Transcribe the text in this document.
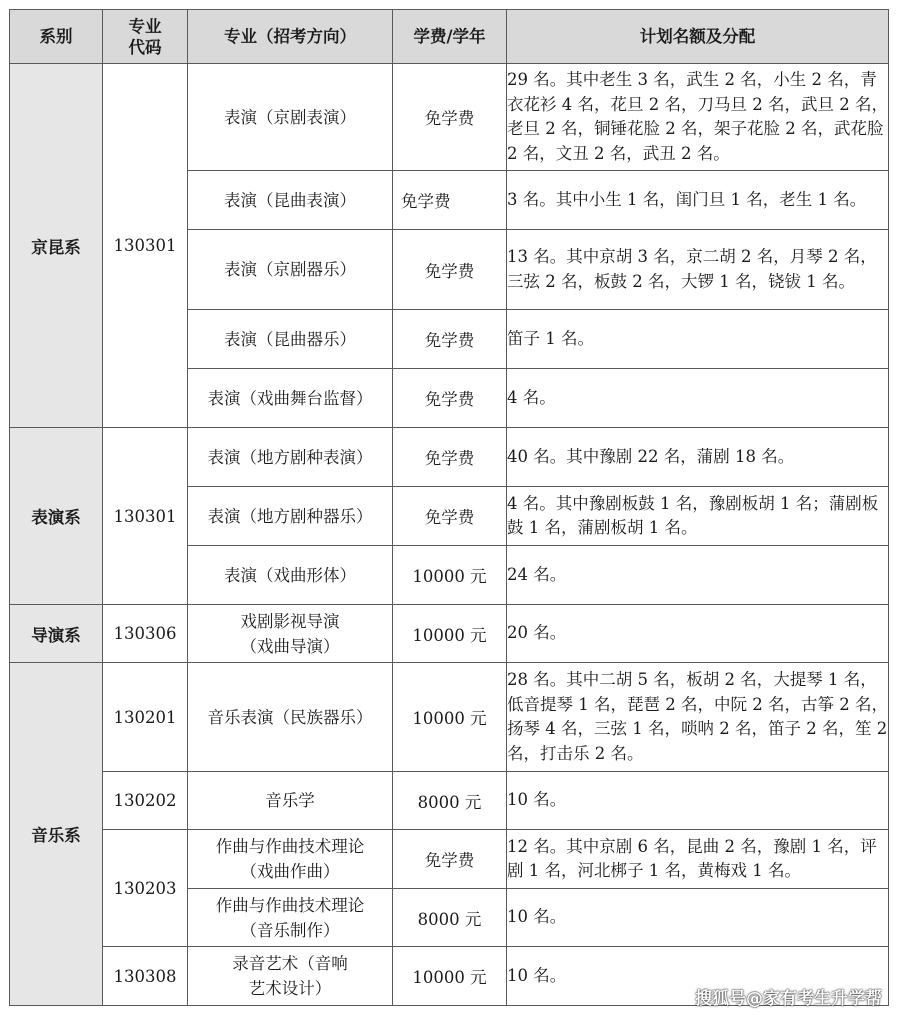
系别	专业代码	专业（招考方向）	学费/学年	计划名额及分配
京昆系	130301	表演（京剧表演）	免学费	29 名。其中老生 3 名，武生 2 名，小生 2 名，青衣花衫 4 名，花旦 2 名，刀马旦 2 名，武旦 2 名，老旦 2 名，铜锤花脸 2 名，架子花脸 2 名，武花脸 2 名，文丑 2 名，武丑 2 名。
		表演（昆曲表演）	免学费	3 名。其中小生 1 名，闺门旦 1 名，老生 1 名。
		表演（京剧器乐）	免学费	13 名。其中京胡 3 名，京二胡 2 名，月琴 2 名，三弦 2 名，板鼓 2 名，大锣 1 名，铙钹 1 名。
		表演（昆曲器乐）	免学费	笛子 1 名。
		表演（戏曲舞台监督）	免学费	4 名。
表演系	130301	表演（地方剧种表演）	免学费	40 名。其中豫剧 22 名，蒲剧 18 名。
		表演（地方剧种器乐）	免学费	4 名。其中豫剧板鼓 1 名，豫剧板胡 1 名；蒲剧板鼓 1 名，蒲剧板胡 1 名。
		表演（戏曲形体）	10000 元	24 名。
导演系	130306	戏剧影视导演（戏曲导演）	10000 元	20 名。
音乐系	130201	音乐表演（民族器乐）	10000 元	28 名。其中二胡 5 名，板胡 2 名，大提琴 1 名，低音提琴 1 名，琵琶 2 名，中阮 2 名，古筝 2 名，扬琴 4 名，三弦 1 名，唢呐 2 名，笛子 2 名，笙 2 名，打击乐 2 名。
	130202	音乐学	8000 元	10 名。
	130203	作曲与作曲技术理论（戏曲作曲）	免学费	12 名。其中京剧 6 名，昆曲 2 名，豫剧 1 名，评剧 1 名，河北梆子 1 名，黄梅戏 1 名。

		作曲与作曲技术理论（音乐制作）	8000 元	10 名。
	130308	录音艺术（音响艺术设计）	10000 元	10 名。
搜狐号@家有考生升学帮
